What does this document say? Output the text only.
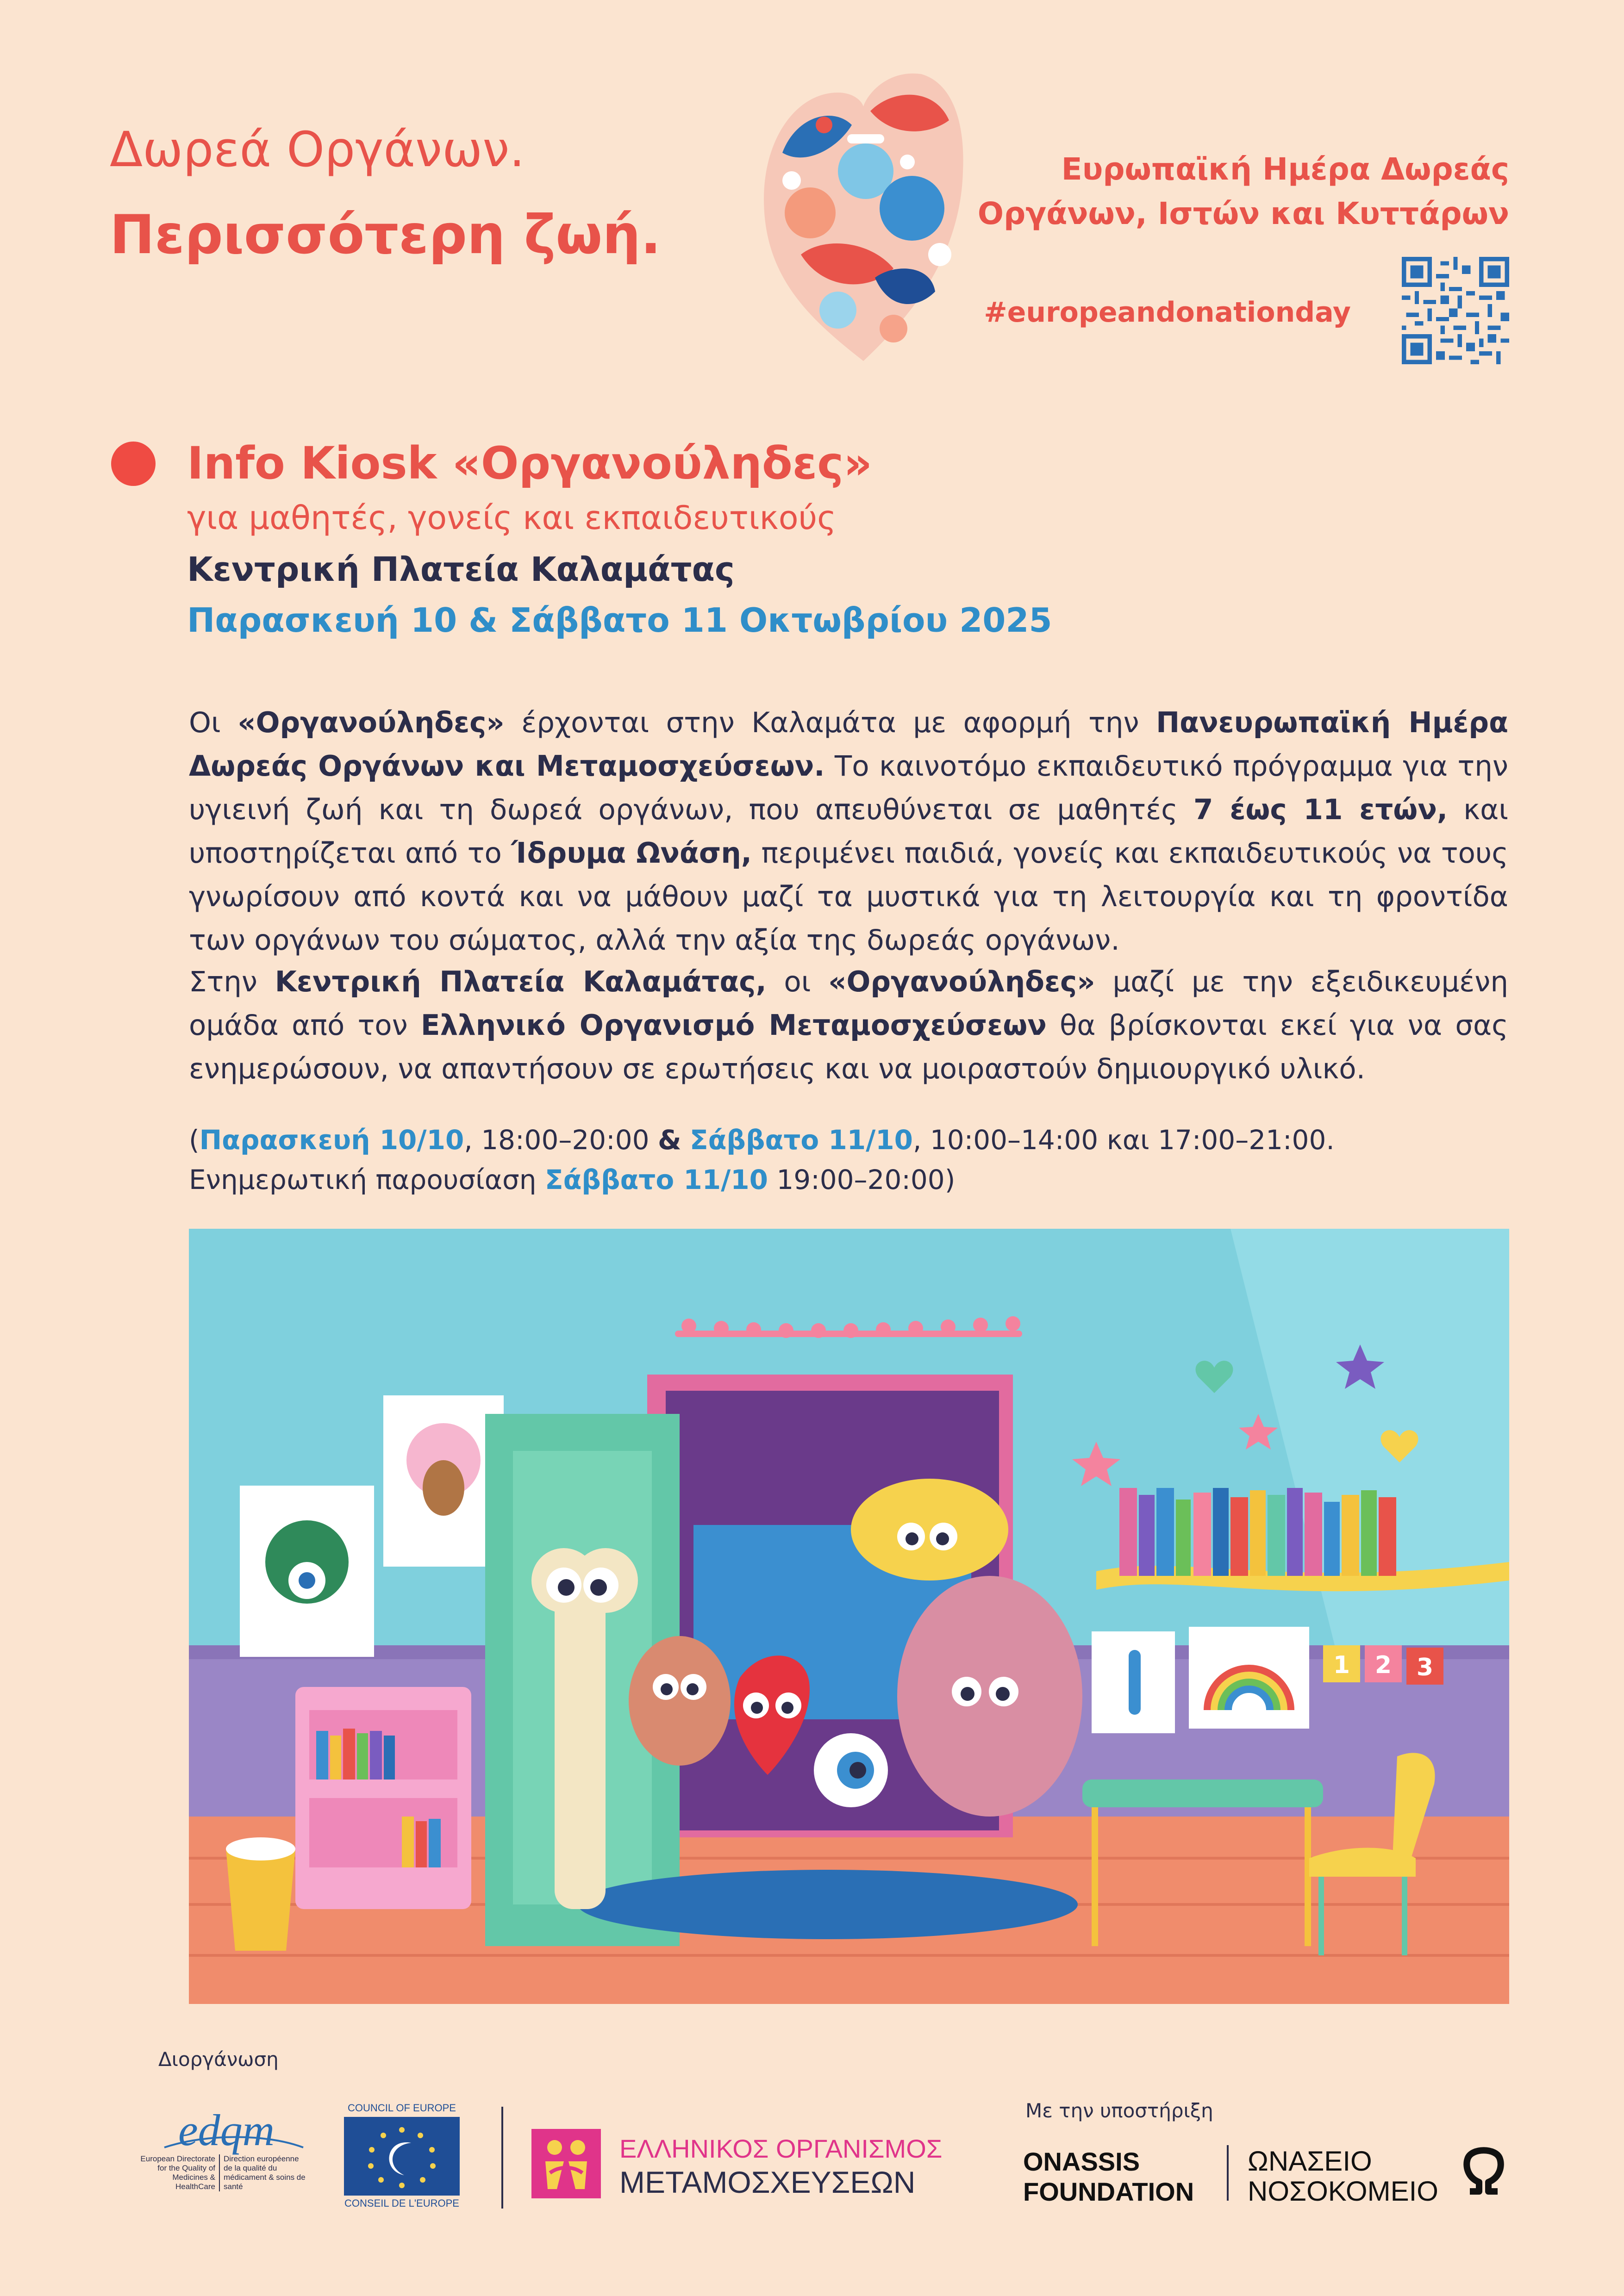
Δωρεά Οργάνων.
Περισσότερη ζωή.
Ευρωπαϊκή Ημέρα Δωρεάς
Οργάνων, Ιστών και Κυττάρων
#europeandonationday
Info Kiosk «Οργανούληδες»
για μαθητές, γονείς και εκπαιδευτικούς
Κεντρική Πλατεία Καλαμάτας
Παρασκευή 10 & Σάββατο 11 Οκτωβρίου 2025
Οι «Οργανούληδες» έρχονται στην Καλαμάτα με αφορμή την Πανευρωπαϊκή Ημέρα Δωρεάς Οργάνων και Μεταμοσχεύσεων. Το καινοτόμο εκπαιδευτικό πρόγραμμα για την υγιεινή ζωή και τη δωρεά οργάνων, που απευθύνεται σε μαθητές 7 έως 11 ετών, και υποστηρίζεται από το Ίδρυμα Ωνάση, περιμένει παιδιά, γονείς και εκπαιδευτικούς να τους γνωρίσουν από κοντά και να μάθουν μαζί τα μυστικά για τη λειτουργία και τη φροντίδα των οργάνων του σώματος, αλλά την αξία της δωρεάς οργάνων.
Στην Κεντρική Πλατεία Καλαμάτας, οι «Οργανούληδες» μαζί με την εξειδικευμένη ομάδα από τον Ελληνικό Οργανισμό Μεταμοσχεύσεων θα βρίσκονται εκεί για να σας ενημερώσουν, να απαντήσουν σε ερωτήσεις και να μοιραστούν δημιουργικό υλικό.
(Παρασκευή 10/10, 18:00–20:00 & Σάββατο 11/10, 10:00–14:00 και 17:00–21:00.
Ενημερωτική παρουσίαση Σάββατο 11/10 19:00–20:00)
1 2 3
Διοργάνωση
Με την υποστήριξη
edqm
European Directorate for the Quality of Medicines & HealthCare
Direction européenne de la qualité du médicament & soins de santé
COUNCIL OF EUROPE
CONSEIL DE L'EUROPE
ΕΛΛΗΝΙΚΟΣ ΟΡΓΑΝΙΣΜΟΣ
ΜΕΤΑΜΟΣΧΕΥΣΕΩΝ
ONASSIS
FOUNDATION
ΩΝΑΣΕΙΟ
ΝΟΣΟΚΟΜΕΙΟ
